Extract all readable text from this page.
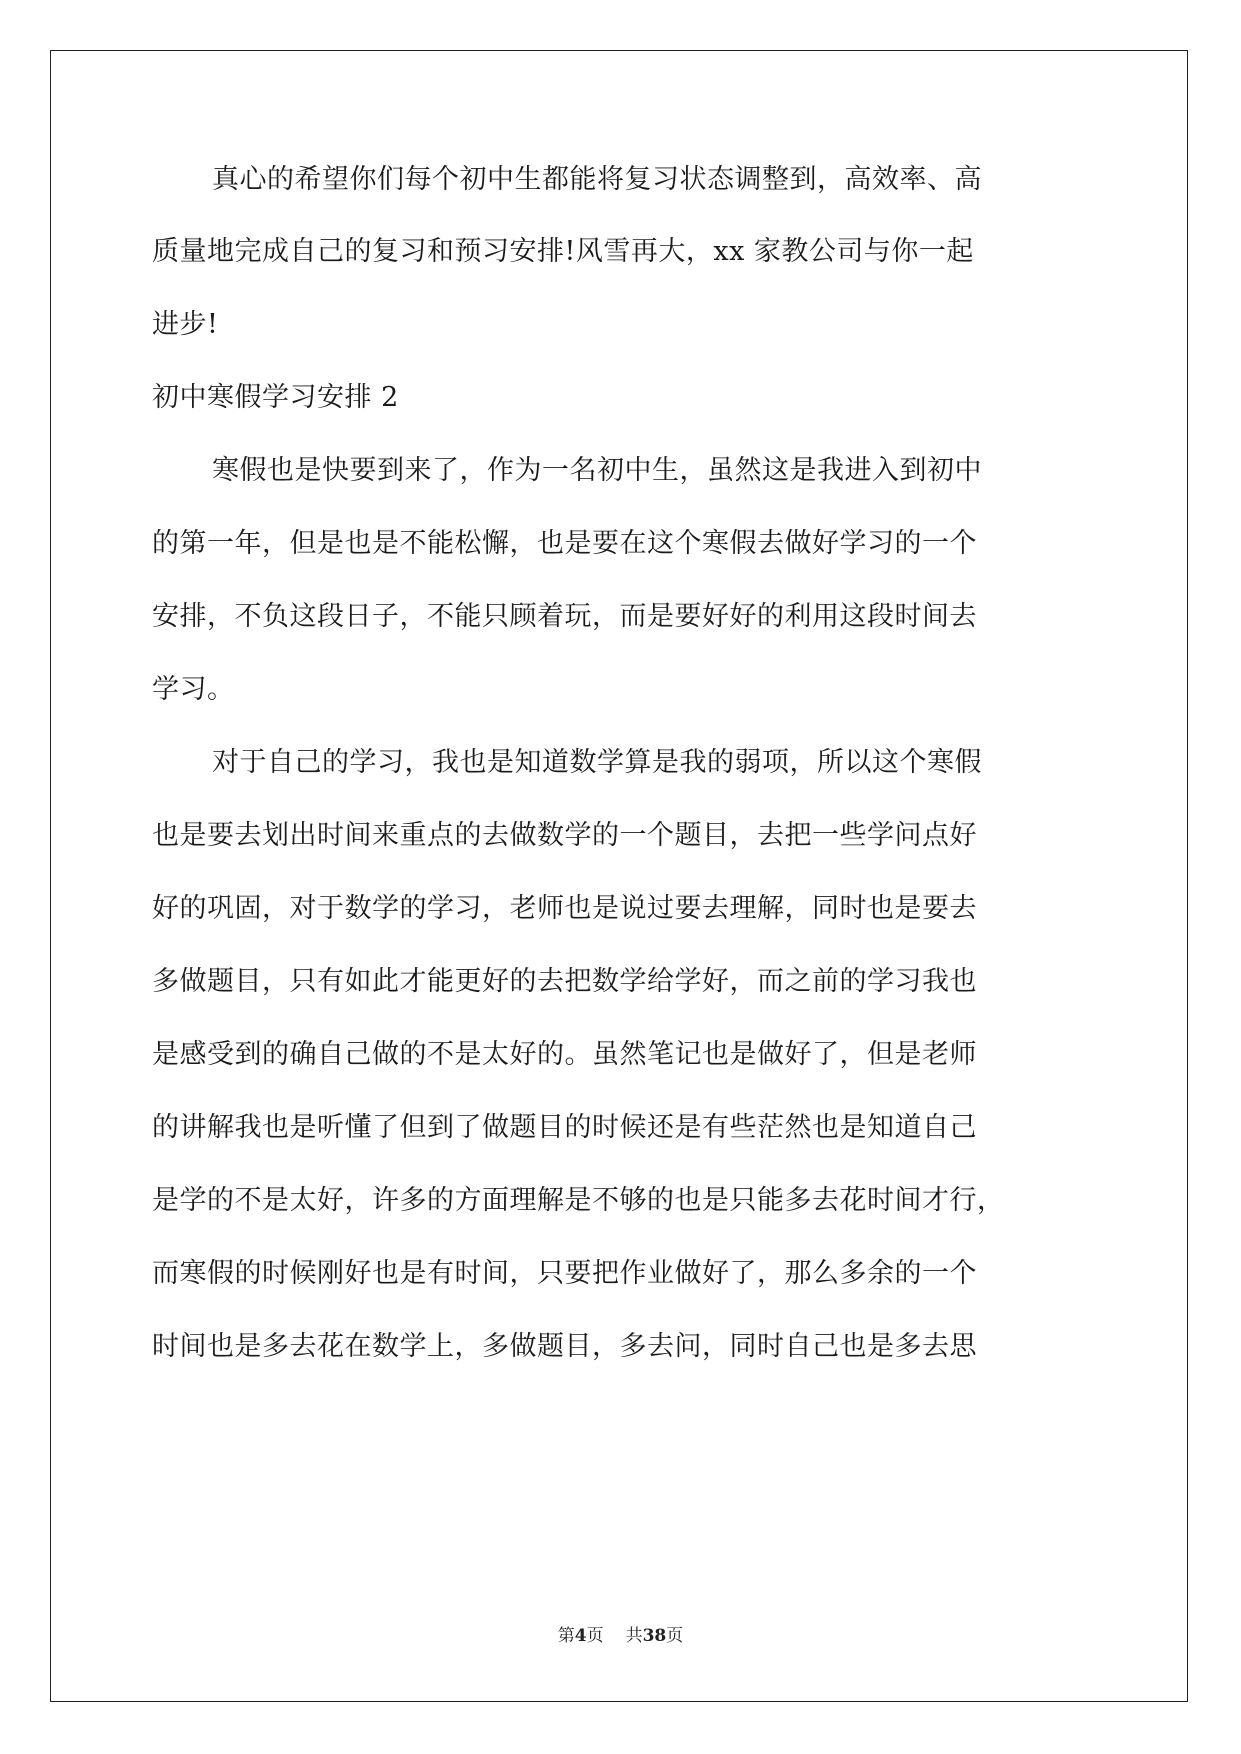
真心的希望你们每个初中生都能将复习状态调整到，高效率、高
质量地完成自己的复习和预习安排!风雪再大，xx 家教公司与你一起
进步!
初中寒假学习安排 2
寒假也是快要到来了，作为一名初中生，虽然这是我进入到初中
的第一年，但是也是不能松懈，也是要在这个寒假去做好学习的一个
安排，不负这段日子，不能只顾着玩，而是要好好的利用这段时间去
学习。
对于自己的学习，我也是知道数学算是我的弱项，所以这个寒假
也是要去划出时间来重点的去做数学的一个题目，去把一些学问点好
好的巩固，对于数学的学习，老师也是说过要去理解，同时也是要去
多做题目，只有如此才能更好的去把数学给学好，而之前的学习我也
是感受到的确自己做的不是太好的。虽然笔记也是做好了，但是老师
的讲解我也是听懂了但到了做题目的时候还是有些茫然也是知道自己
是学的不是太好，许多的方面理解是不够的也是只能多去花时间才行，
而寒假的时候刚好也是有时间，只要把作业做好了，那么多余的一个
时间也是多去花在数学上，多做题目，多去问，同时自己也是多去思
第4页 共38页
